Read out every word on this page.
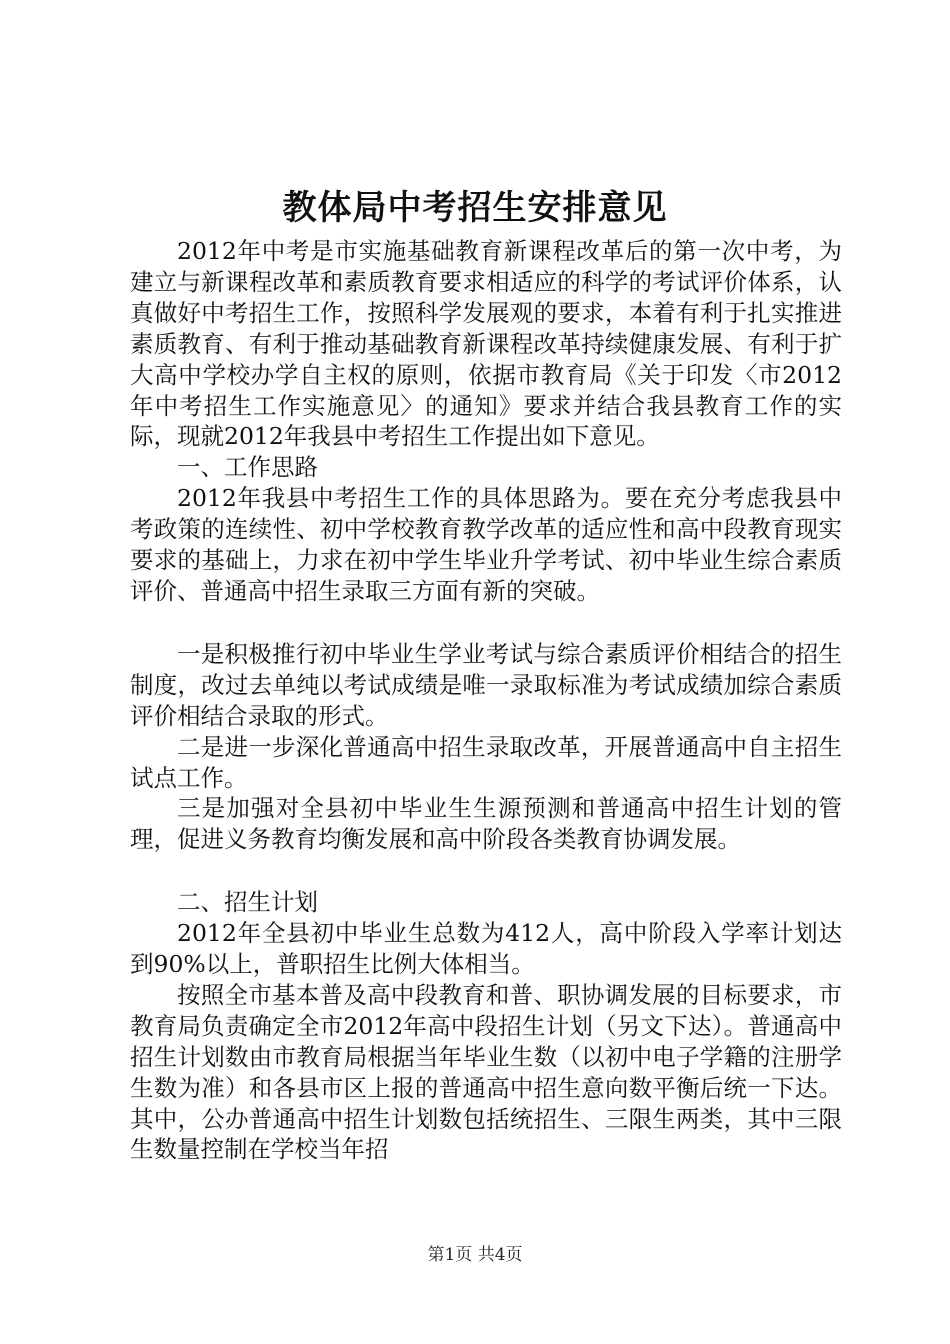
教体局中考招生安排意见

2012年中考是市实施基础教育新课程改革后的第一次中考，为建立与新课程改革和素质教育要求相适应的科学的考试评价体系，认真做好中考招生工作，按照科学发展观的要求，本着有利于扎实推进素质教育、有利于推动基础教育新课程改革持续健康发展、有利于扩大高中学校办学自主权的原则，依据市教育局《关于印发〈市2012年中考招生工作实施意见〉的通知》要求并结合我县教育工作的实际，现就2012年我县中考招生工作提出如下意见。

一、工作思路

2012年我县中考招生工作的具体思路为。要在充分考虑我县中考政策的连续性、初中学校教育教学改革的适应性和高中段教育现实要求的基础上，力求在初中学生毕业升学考试、初中毕业生综合素质评价、普通高中招生录取三方面有新的突破。

一是积极推行初中毕业生学业考试与综合素质评价相结合的招生制度，改过去单纯以考试成绩是唯一录取标准为考试成绩加综合素质评价相结合录取的形式。

二是进一步深化普通高中招生录取改革，开展普通高中自主招生试点工作。

三是加强对全县初中毕业生生源预测和普通高中招生计划的管理，促进义务教育均衡发展和高中阶段各类教育协调发展。

二、招生计划

2012年全县初中毕业生总数为412人，高中阶段入学率计划达到90%以上，普职招生比例大体相当。

按照全市基本普及高中段教育和普、职协调发展的目标要求，市教育局负责确定全市2012年高中段招生计划（另文下达）。普通高中招生计划数由市教育局根据当年毕业生数（以初中电子学籍的注册学生数为准）和各县市区上报的普通高中招生意向数平衡后统一下达。其中，公办普通高中招生计划数包括统招生、三限生两类，其中三限生数量控制在学校当年招

第1页 共4页
